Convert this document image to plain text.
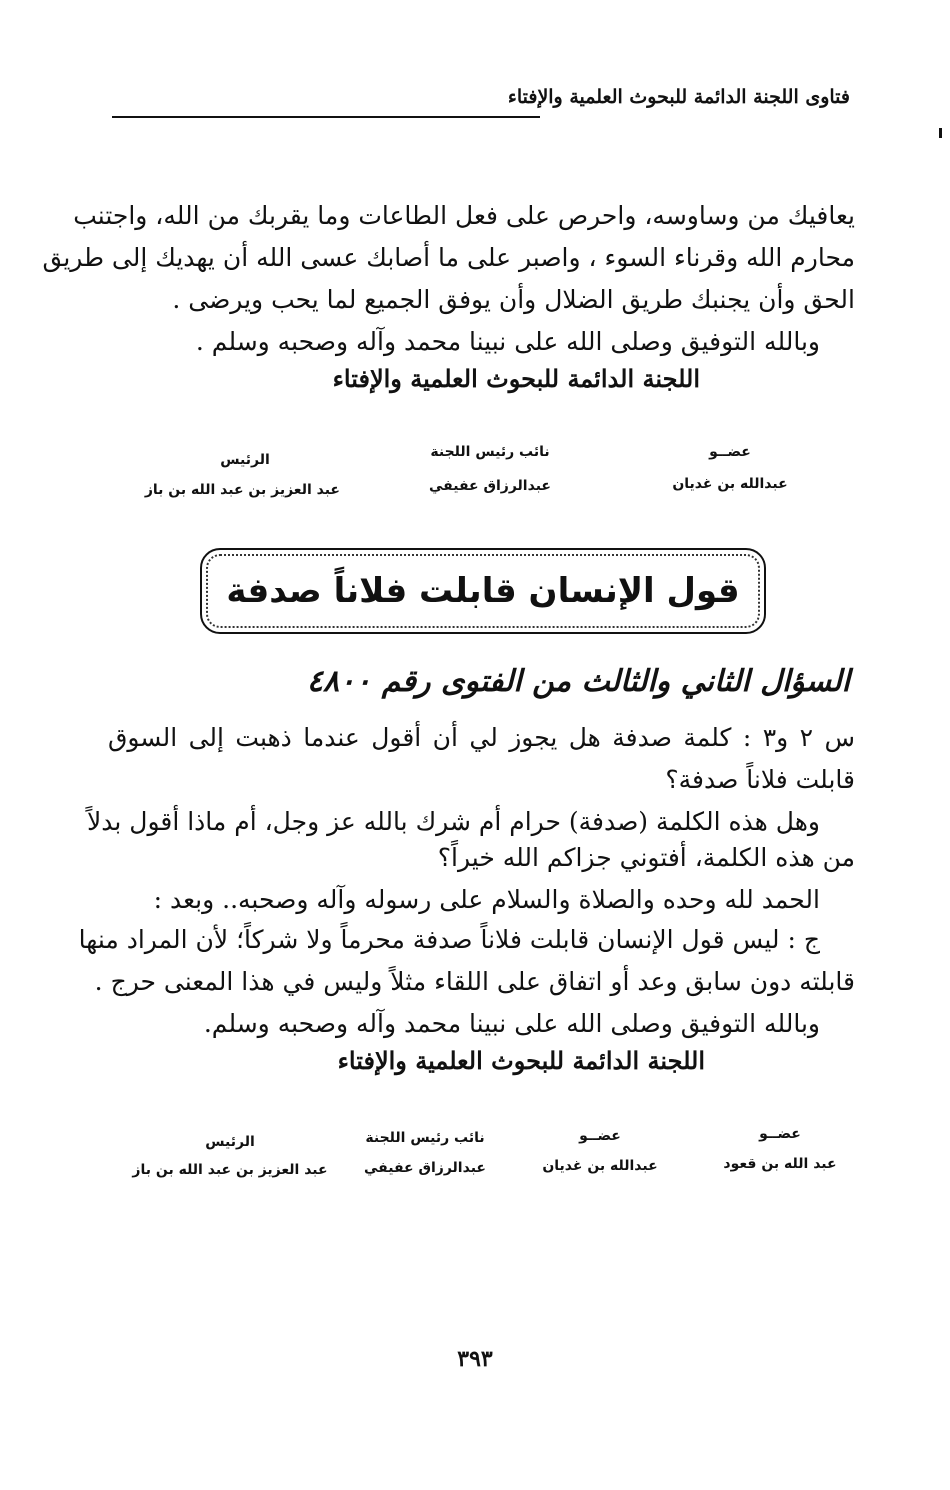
فتاوى اللجنة الدائمة للبحوث العلمية والإفتاء
يعافيك من وساوسه، واحرص على فعل الطاعات وما يقربك من الله، واجتنب
محارم الله وقرناء السوء ، واصبر على ما أصابك عسى الله أن يهديك إلى طريق
الحق وأن يجنبك طريق الضلال وأن يوفق الجميع لما يحب ويرضى .
وبالله التوفيق وصلى الله على نبينا محمد وآله وصحبه وسلم .
اللجنة الدائمة للبحوث العلمية والإفتاء
عضــو
عبدالله بن غديان
نائب رئيس اللجنة
عبدالرزاق عفيفي
الرئيس
عبد العزيز بن عبد الله بن باز
قول الإنسان قابلت فلاناً صدفة
السؤال الثاني والثالث من الفتوى رقم ٤٨٠٠
س ٢ و٣ : كلمة صدفة هل يجوز لي أن أقول عندما ذهبت إلى السوق
قابلت فلاناً صدفة؟
وهل هذه الكلمة (صدفة) حرام أم شرك بالله عز وجل، أم ماذا أقول بدلاً
من هذه الكلمة، أفتوني جزاكم الله خيراً؟
الحمد لله وحده والصلاة والسلام على رسوله وآله وصحبه.. وبعد :
ج : ليس قول الإنسان قابلت فلاناً صدفة محرماً ولا شركاً؛ لأن المراد منها
قابلته دون سابق وعد أو اتفاق على اللقاء مثلاً وليس في هذا المعنى حرج .
وبالله التوفيق وصلى الله على نبينا محمد وآله وصحبه وسلم.
اللجنة الدائمة للبحوث العلمية والإفتاء
عضــو
عبد الله بن قعود
عضــو
عبدالله بن غديان
نائب رئيس اللجنة
عبدالرزاق عفيفي
الرئيس
عبد العزيز بن عبد الله بن باز
٣٩٣
